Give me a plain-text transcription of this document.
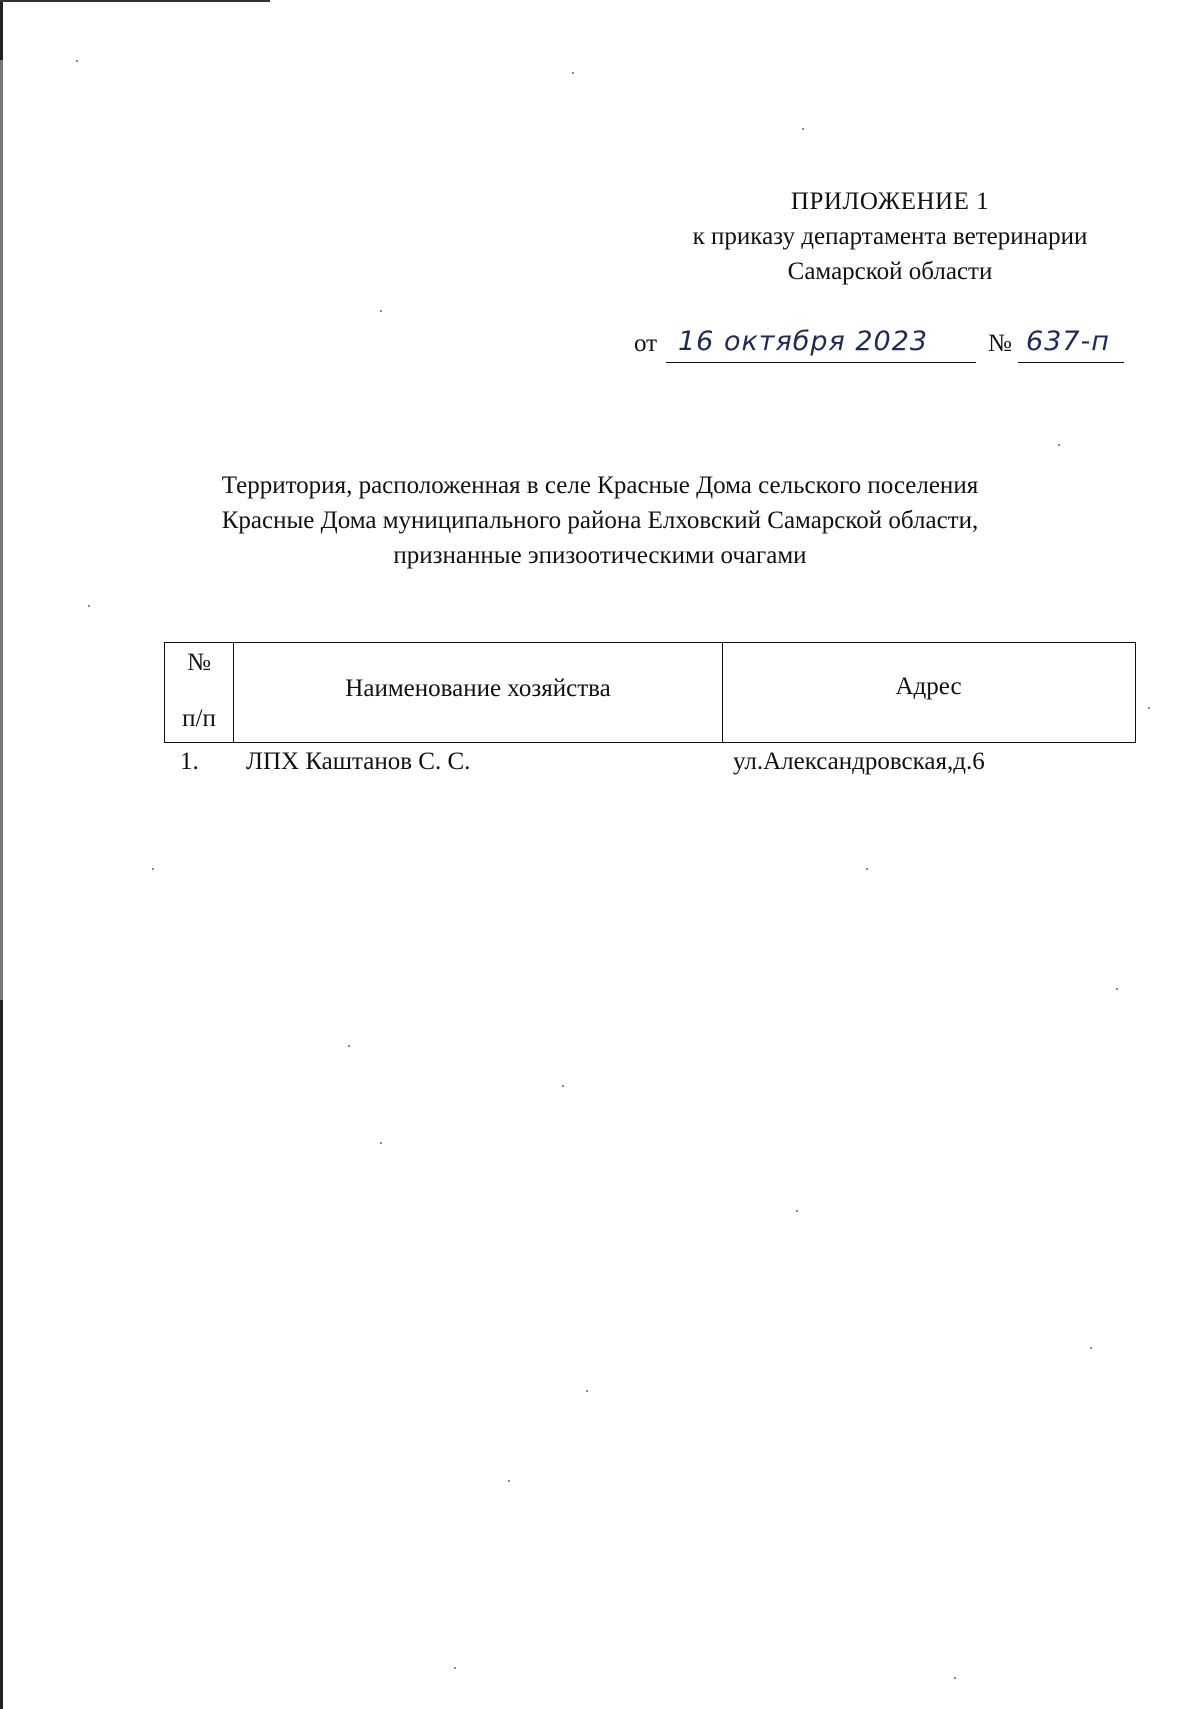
ПРИЛОЖЕНИЕ 1
к приказу департамента ветеринарии
Самарской области
от 16 октября 2023 № 637-п
Территория, расположенная в селе Красные Дома сельского поселения
Красные Дома муниципального района Елховский Самарской области,
признанные эпизоотическими очагами
№
п/п
Наименование хозяйства	Адрес
1. ЛПХ Каштанов С. С.	ул.Александровская,д.6
